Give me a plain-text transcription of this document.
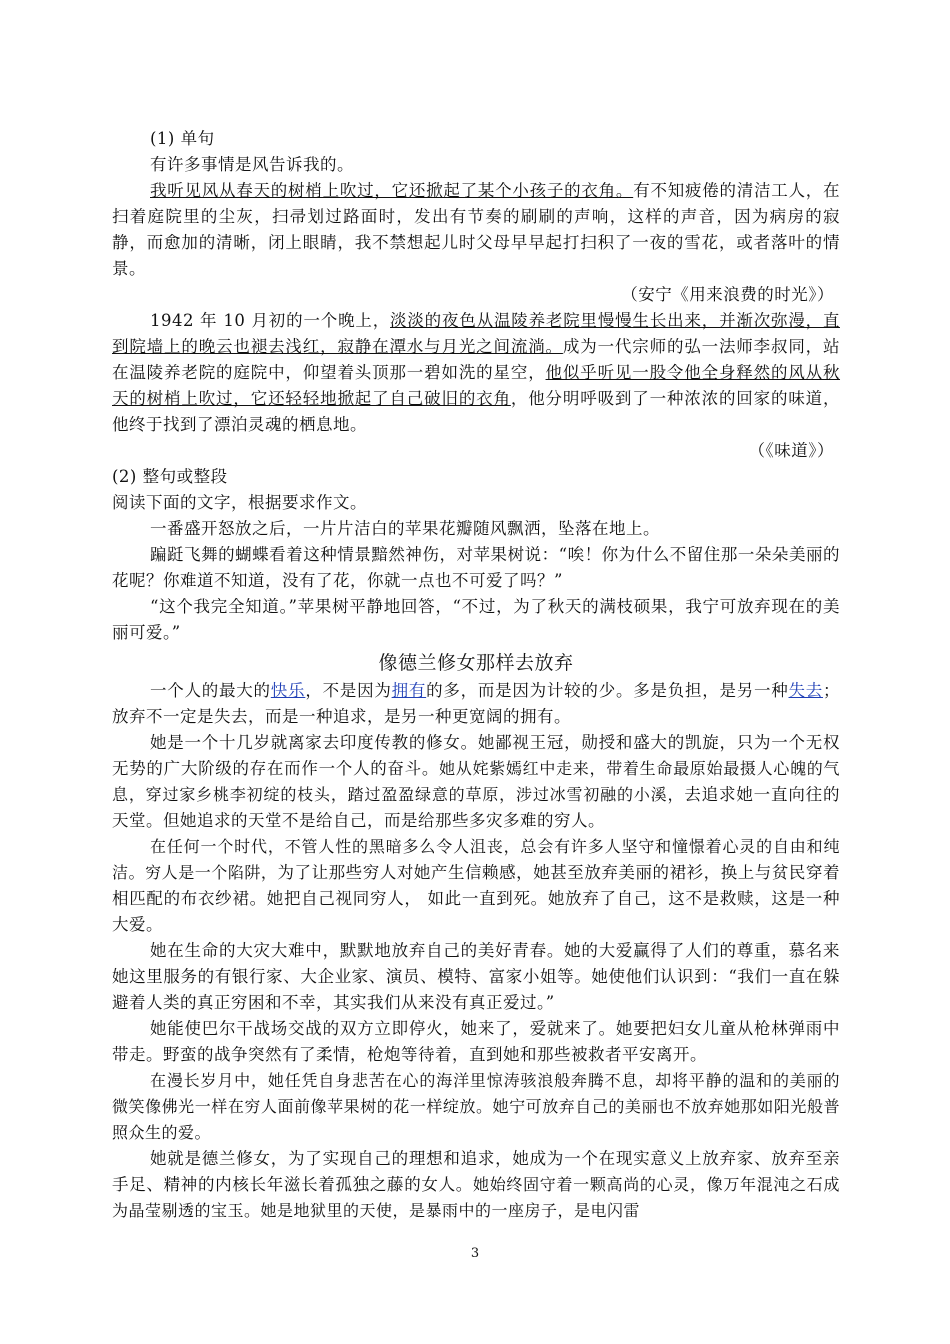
(1) 单句

有许多事情是风告诉我的。

我听见风从春天的树梢上吹过，它还掀起了某个小孩子的衣角。有不知疲倦的清洁工人，在扫着庭院里的尘灰，扫帚划过路面时，发出有节奏的刷刷的声响，这样的声音，因为病房的寂静，而愈加的清晰，闭上眼睛，我不禁想起儿时父母早早起打扫积了一夜的雪花，或者落叶的情景。

（安宁《用来浪费的时光》）

1942 年 10 月初的一个晚上，淡淡的夜色从温陵养老院里慢慢生长出来，并渐次弥漫，直到院墙上的晚云也褪去浅红，寂静在潭水与月光之间流淌。成为一代宗师的弘一法师李叔同，站在温陵养老院的庭院中，仰望着头顶那一碧如洗的星空，他似乎听见一股令他全身释然的风从秋天的树梢上吹过，它还轻轻地掀起了自己破旧的衣角，他分明呼吸到了一种浓浓的回家的味道，他终于找到了漂泊灵魂的栖息地。

（《味道》）

(2) 整句或整段

阅读下面的文字，根据要求作文。

一番盛开怒放之后，一片片洁白的苹果花瓣随风飘洒，坠落在地上。

蹁跹飞舞的蝴蝶看着这种情景黯然神伤，对苹果树说：“唉！你为什么不留住那一朵朵美丽的花呢？你难道不知道，没有了花，你就一点也不可爱了吗？”

“这个我完全知道。”苹果树平静地回答，“不过，为了秋天的满枝硕果，我宁可放弃现在的美丽可爱。”

像德兰修女那样去放弃

一个人的最大的快乐，不是因为拥有的多，而是因为计较的少。多是负担，是另一种失去；放弃不一定是失去，而是一种追求，是另一种更宽阔的拥有。

她是一个十几岁就离家去印度传教的修女。她鄙视王冠，勋授和盛大的凯旋，只为一个无权无势的广大阶级的存在而作一个人的奋斗。她从姹紫嫣红中走来，带着生命最原始最摄人心魄的气息，穿过家乡桃李初绽的枝头，踏过盈盈绿意的草原，涉过冰雪初融的小溪，去追求她一直向往的天堂。但她追求的天堂不是给自己，而是给那些多灾多难的穷人。

在任何一个时代，不管人性的黑暗多么令人沮丧，总会有许多人坚守和憧憬着心灵的自由和纯洁。穷人是一个陷阱，为了让那些穷人对她产生信赖感，她甚至放弃美丽的裙衫，换上与贫民穿着相匹配的布衣纱裙。她把自己视同穷人， 如此一直到死。她放弃了自己，这不是救赎，这是一种大爱。

她在生命的大灾大难中，默默地放弃自己的美好青春。她的大爱赢得了人们的尊重，慕名来她这里服务的有银行家、大企业家、演员、模特、富家小姐等。她使他们认识到：“我们一直在躲避着人类的真正穷困和不幸，其实我们从来没有真正爱过。”

她能使巴尔干战场交战的双方立即停火，她来了，爱就来了。她要把妇女儿童从枪林弹雨中带走。野蛮的战争突然有了柔情，枪炮等待着，直到她和那些被救者平安离开。

在漫长岁月中，她任凭自身悲苦在心的海洋里惊涛骇浪般奔腾不息，却将平静的温和的美丽的微笑像佛光一样在穷人面前像苹果树的花一样绽放。她宁可放弃自己的美丽也不放弃她那如阳光般普照众生的爱。

她就是德兰修女，为了实现自己的理想和追求，她成为一个在现实意义上放弃家、放弃至亲手足、精神的内核长年滋长着孤独之藤的女人。她始终固守着一颗高尚的心灵，像万年混沌之石成为晶莹剔透的宝玉。她是地狱里的天使，是暴雨中的一座房子，是电闪雷

3
